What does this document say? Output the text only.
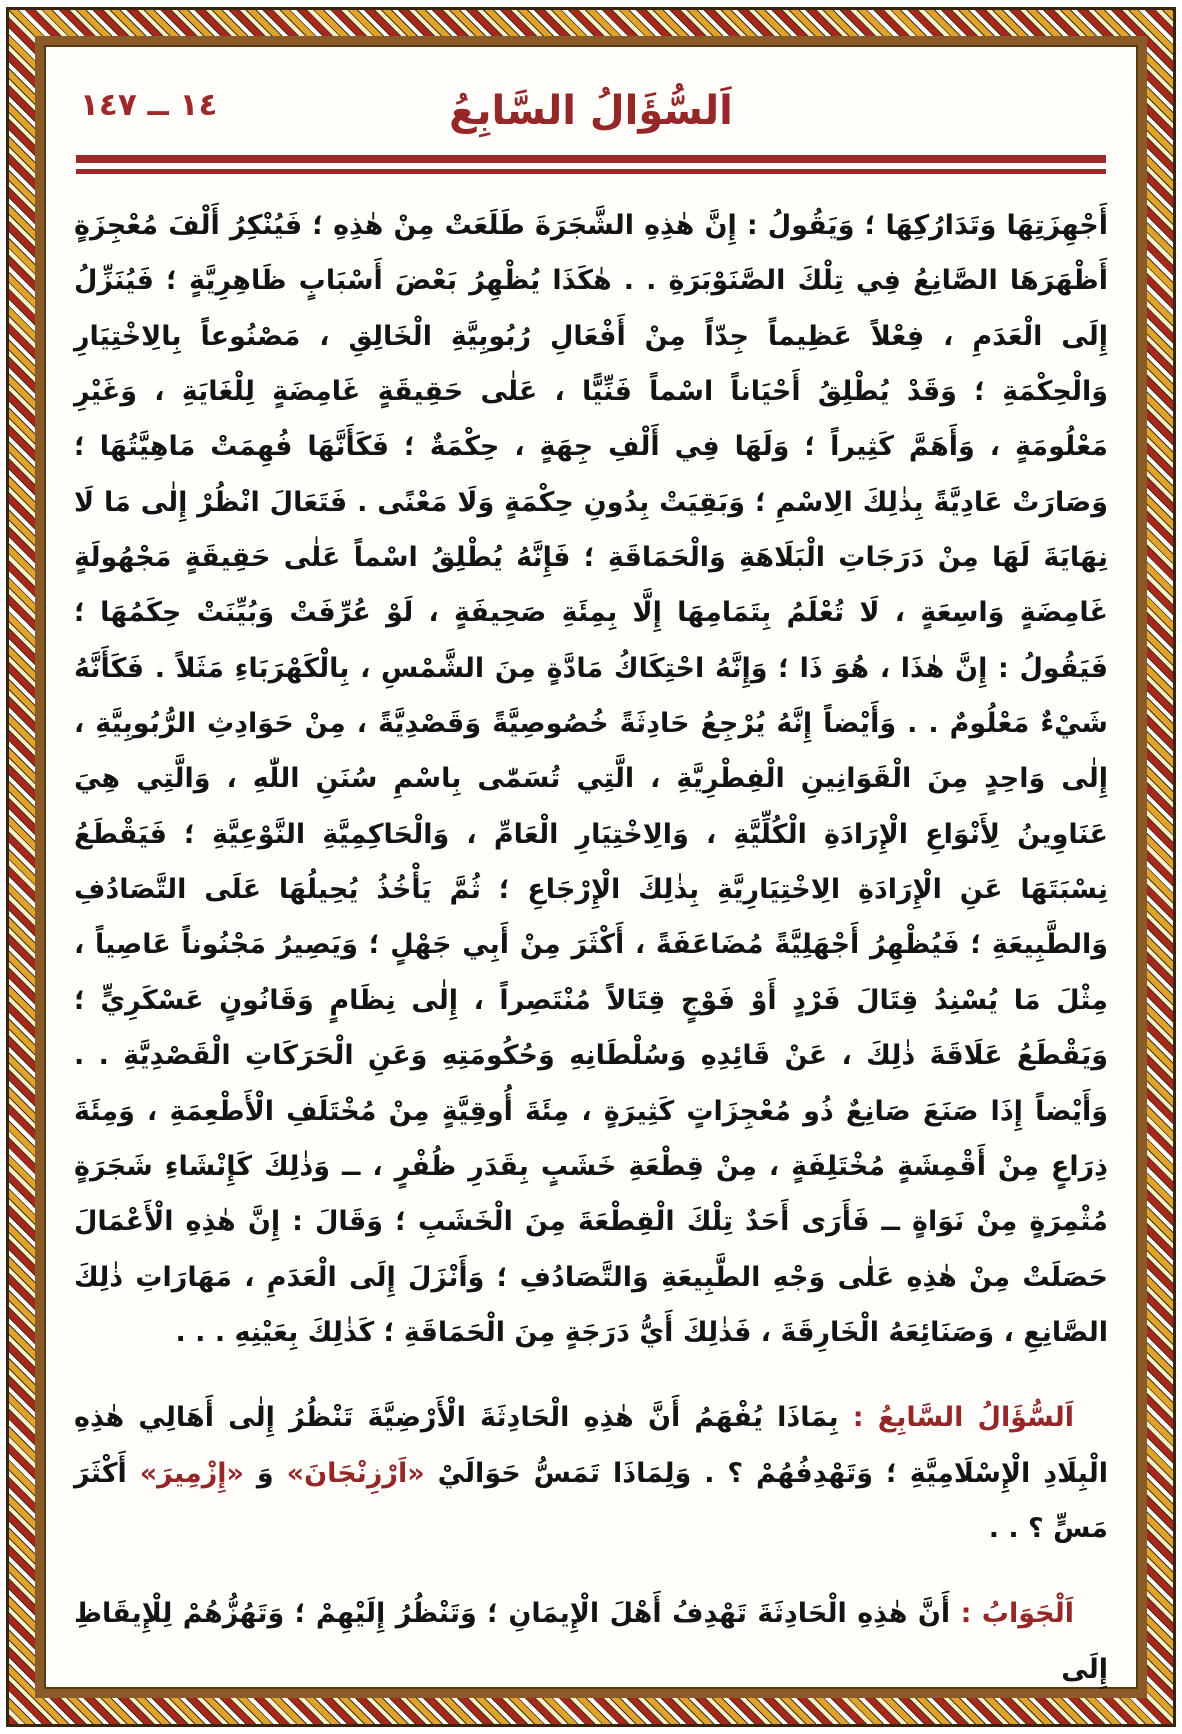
١٤ ــ ١٤٧	اَلسُّؤَالُ السَّابِعُ

أَجْهِزَتِهَا وَتَدَارُكِهَا ؛ وَيَقُولُ : إِنَّ هٰذِهِ الشَّجَرَةَ طَلَعَتْ مِنْ هٰذِهِ ؛ فَيُنْكِرُ أَلْفَ مُعْجِزَةٍ أَظْهَرَهَا الصَّانِعُ فِي تِلْكَ الصَّنَوْبَرَةِ . . هٰكَذَا يُظْهِرُ بَعْضَ أَسْبَابٍ ظَاهِرِيَّةٍ ؛ فَيُنَزِّلُ إِلَى الْعَدَمِ ، فِعْلاً عَظِيماً جِدّاً مِنْ أَفْعَالِ رُبُوبِيَّةِ الْخَالِقِ ، مَصْنُوعاً بِالِاخْتِيَارِ وَالْحِكْمَةِ ؛ وَقَدْ يُطْلِقُ أَحْيَاناً اسْماً فَنِّيًّا ، عَلٰى حَقِيقَةٍ غَامِضَةٍ لِلْغَايَةِ ، وَغَيْرِ مَعْلُومَةٍ ، وَأَهَمَّ كَثِيراً ؛ وَلَهَا فِي أَلْفِ جِهَةٍ ، حِكْمَةٌ ؛ فَكَأَنَّهَا فُهِمَتْ مَاهِيَّتُهَا ؛ وَصَارَتْ عَادِيَّةً بِذٰلِكَ الِاسْمِ ؛ وَبَقِيَتْ بِدُونِ حِكْمَةٍ وَلَا مَعْنًى . فَتَعَالَ انْظُرْ إِلٰى مَا لَا نِهَايَةَ لَهَا مِنْ دَرَجَاتِ الْبَلَاهَةِ وَالْحَمَاقَةِ ؛ فَإِنَّهُ يُطْلِقُ اسْماً عَلٰى حَقِيقَةٍ مَجْهُولَةٍ غَامِضَةٍ وَاسِعَةٍ ، لَا تُعْلَمُ بِتَمَامِهَا إِلَّا بِمِئَةِ صَحِيفَةٍ ، لَوْ عُرِّفَتْ وَبُيِّنَتْ حِكَمُهَا ؛ فَيَقُولُ : إِنَّ هٰذَا ، هُوَ ذَا ؛ وَإِنَّهُ احْتِكَاكُ مَادَّةٍ مِنَ الشَّمْسِ ، بِالْكَهْرَبَاءِ مَثَلاً . فَكَأَنَّهُ شَيْءٌ مَعْلُومٌ . . وَأَيْضاً إِنَّهُ يُرْجِعُ حَادِثَةً خُصُوصِيَّةً وَقَصْدِيَّةً ، مِنْ حَوَادِثِ الرُّبُوبِيَّةِ ، إِلٰى وَاحِدٍ مِنَ الْقَوَانِينِ الْفِطْرِيَّةِ ، الَّتِي تُسَمّٰى بِاسْمِ سُنَنِ اللّٰهِ ، وَالَّتِي هِيَ عَنَاوِينُ لِأَنْوَاعِ الْإِرَادَةِ الْكُلِّيَّةِ ، وَالِاخْتِيَارِ الْعَامِّ ، وَالْحَاكِمِيَّةِ النَّوْعِيَّةِ ؛ فَيَقْطَعُ نِسْبَتَهَا عَنِ الْإِرَادَةِ الِاخْتِيَارِيَّةِ بِذٰلِكَ الْإِرْجَاعِ ؛ ثُمَّ يَأْخُذُ يُحِيلُهَا عَلَى التَّصَادُفِ وَالطَّبِيعَةِ ؛ فَيُظْهِرُ أَجْهَلِيَّةً مُضَاعَفَةً ، أَكْثَرَ مِنْ أَبِي جَهْلٍ ؛ وَيَصِيرُ مَجْنُوناً عَاصِياً ، مِثْلَ مَا يُسْنِدُ قِتَالَ فَرْدٍ أَوْ فَوْجٍ قِتَالاً مُنْتَصِراً ، إِلٰى نِظَامٍ وَقَانُونٍ عَسْكَرِيٍّ ؛ وَيَقْطَعُ عَلَاقَةَ ذٰلِكَ ، عَنْ قَائِدِهِ وَسُلْطَانِهِ وَحُكُومَتِهِ وَعَنِ الْحَرَكَاتِ الْقَصْدِيَّةِ . . وَأَيْضاً إِذَا صَنَعَ صَانِعٌ ذُو مُعْجِزَاتٍ كَثِيرَةٍ ، مِئَةَ أُوقِيَّةٍ مِنْ مُخْتَلَفِ الْأَطْعِمَةِ ، وَمِئَةَ ذِرَاعٍ مِنْ أَقْمِشَةٍ مُخْتَلِفَةٍ ، مِنْ قِطْعَةِ خَشَبٍ بِقَدَرِ ظُفْرٍ ، ــ وَذٰلِكَ كَإِنْشَاءِ شَجَرَةٍ مُثْمِرَةٍ مِنْ نَوَاةٍ ــ فَأَرَى أَحَدٌ تِلْكَ الْقِطْعَةَ مِنَ الْخَشَبِ ؛ وَقَالَ : إِنَّ هٰذِهِ الْأَعْمَالَ حَصَلَتْ مِنْ هٰذِهِ عَلٰى وَجْهِ الطَّبِيعَةِ وَالتَّصَادُفِ ؛ وَأَنْزَلَ إِلَى الْعَدَمِ ، مَهَارَاتِ ذٰلِكَ الصَّانِعِ ، وَصَنَائِعَهُ الْخَارِقَةَ ، فَذٰلِكَ أَيُّ دَرَجَةٍ مِنَ الْحَمَاقَةِ ؛ كَذٰلِكَ بِعَيْنِهِ . . .

اَلسُّؤَالُ السَّابِعُ : بِمَاذَا يُفْهَمُ أَنَّ هٰذِهِ الْحَادِثَةَ الْأَرْضِيَّةَ تَنْظُرُ إِلٰى أَهَالِي هٰذِهِ الْبِلَادِ الْإِسْلَامِيَّةِ ؛ وَتَهْدِفُهُمْ ؟ . وَلِمَاذَا تَمَسُّ حَوَالَيْ «اَرْزِنْجَانَ» وَ «إِزْمِيرَ» أَكْثَرَ مَسٍّ ؟ . .

اَلْجَوَابُ : أَنَّ هٰذِهِ الْحَادِثَةَ تَهْدِفُ أَهْلَ الْإِيمَانِ ؛ وَتَنْظُرُ إِلَيْهِمْ ؛ وَتَهُزُّهُمْ لِلْإِيقَاظِ إِلَى
